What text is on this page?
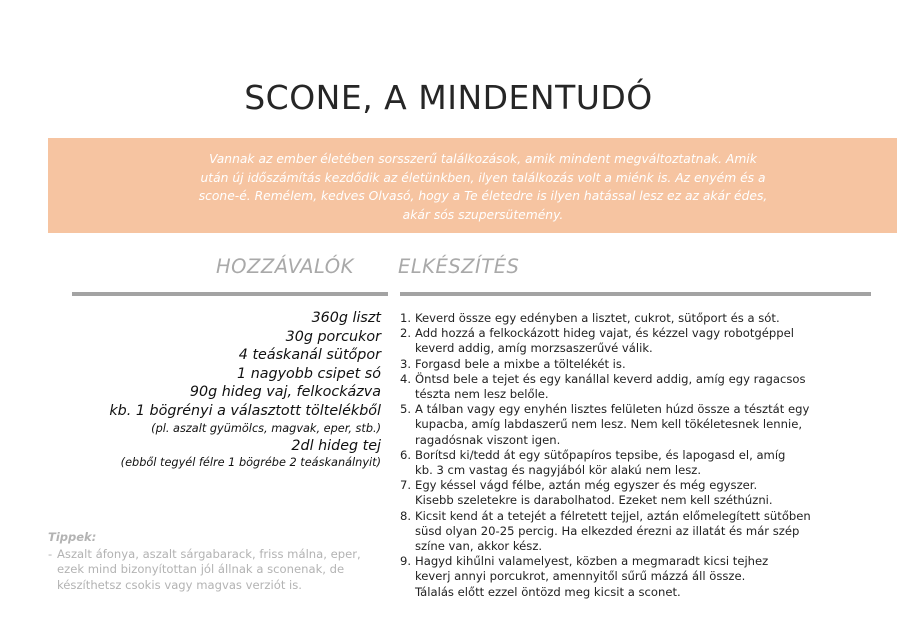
SCONE, A MINDENTUDÓ
Vannak az ember életében sorsszerű találkozások, amik mindent megváltoztatnak. Amik
után új időszámítás kezdődik az életünkben, ilyen találkozás volt a miénk is. Az enyém és a
scone-é. Remélem, kedves Olvasó, hogy a Te életedre is ilyen hatással lesz ez az akár édes,
akár sós szupersütemény.
HOZZÁVALÓK ELKÉSZÍTÉS
360g liszt
30g porcukor
4 teáskanál sütőpor
1 nagyobb csipet só
90g hideg vaj, felkockázva
kb. 1 bögrényi a választott töltelékből
(pl. aszalt gyümölcs, magvak, eper, stb.)
2dl hideg tej
(ebből tegyél félre 1 bögrébe 2 teáskanálnyit)
1. Keverd össze egy edényben a lisztet, cukrot, sütőport és a sót.
2. Add hozzá a felkockázott hideg vajat, és kézzel vagy robotgéppel
keverd addig, amíg morzsaszerűvé válik.
3. Forgasd bele a mixbe a töltelékét is.
4. Öntsd bele a tejet és egy kanállal keverd addig, amíg egy ragacsos
tészta nem lesz belőle.
5. A tálban vagy egy enyhén lisztes felületen húzd össze a tésztát egy
kupacba, amíg labdaszerű nem lesz. Nem kell tökéletesnek lennie,
ragadósnak viszont igen.
6. Borítsd ki/tedd át egy sütőpapíros tepsibe, és lapogasd el, amíg
kb. 3 cm vastag és nagyjából kör alakú nem lesz.
7. Egy késsel vágd félbe, aztán még egyszer és még egyszer.
Kisebb szeletekre is darabolhatod. Ezeket nem kell széthúzni.
8. Kicsit kend át a tetejét a félretett tejjel, aztán előmelegített sütőben
süsd olyan 20-25 percig. Ha elkezded érezni az illatát és már szép
színe van, akkor kész.
9. Hagyd kihűlni valamelyest, közben a megmaradt kicsi tejhez
keverj annyi porcukrot, amennyitől sűrű mázzá áll össze.
Tálalás előtt ezzel öntözd meg kicsit a sconet.
Tippek:
- Aszalt áfonya, aszalt sárgabarack, friss málna, eper,
ezek mind bizonyítottan jól állnak a sconenak, de
készíthetsz csokis vagy magvas verziót is.
